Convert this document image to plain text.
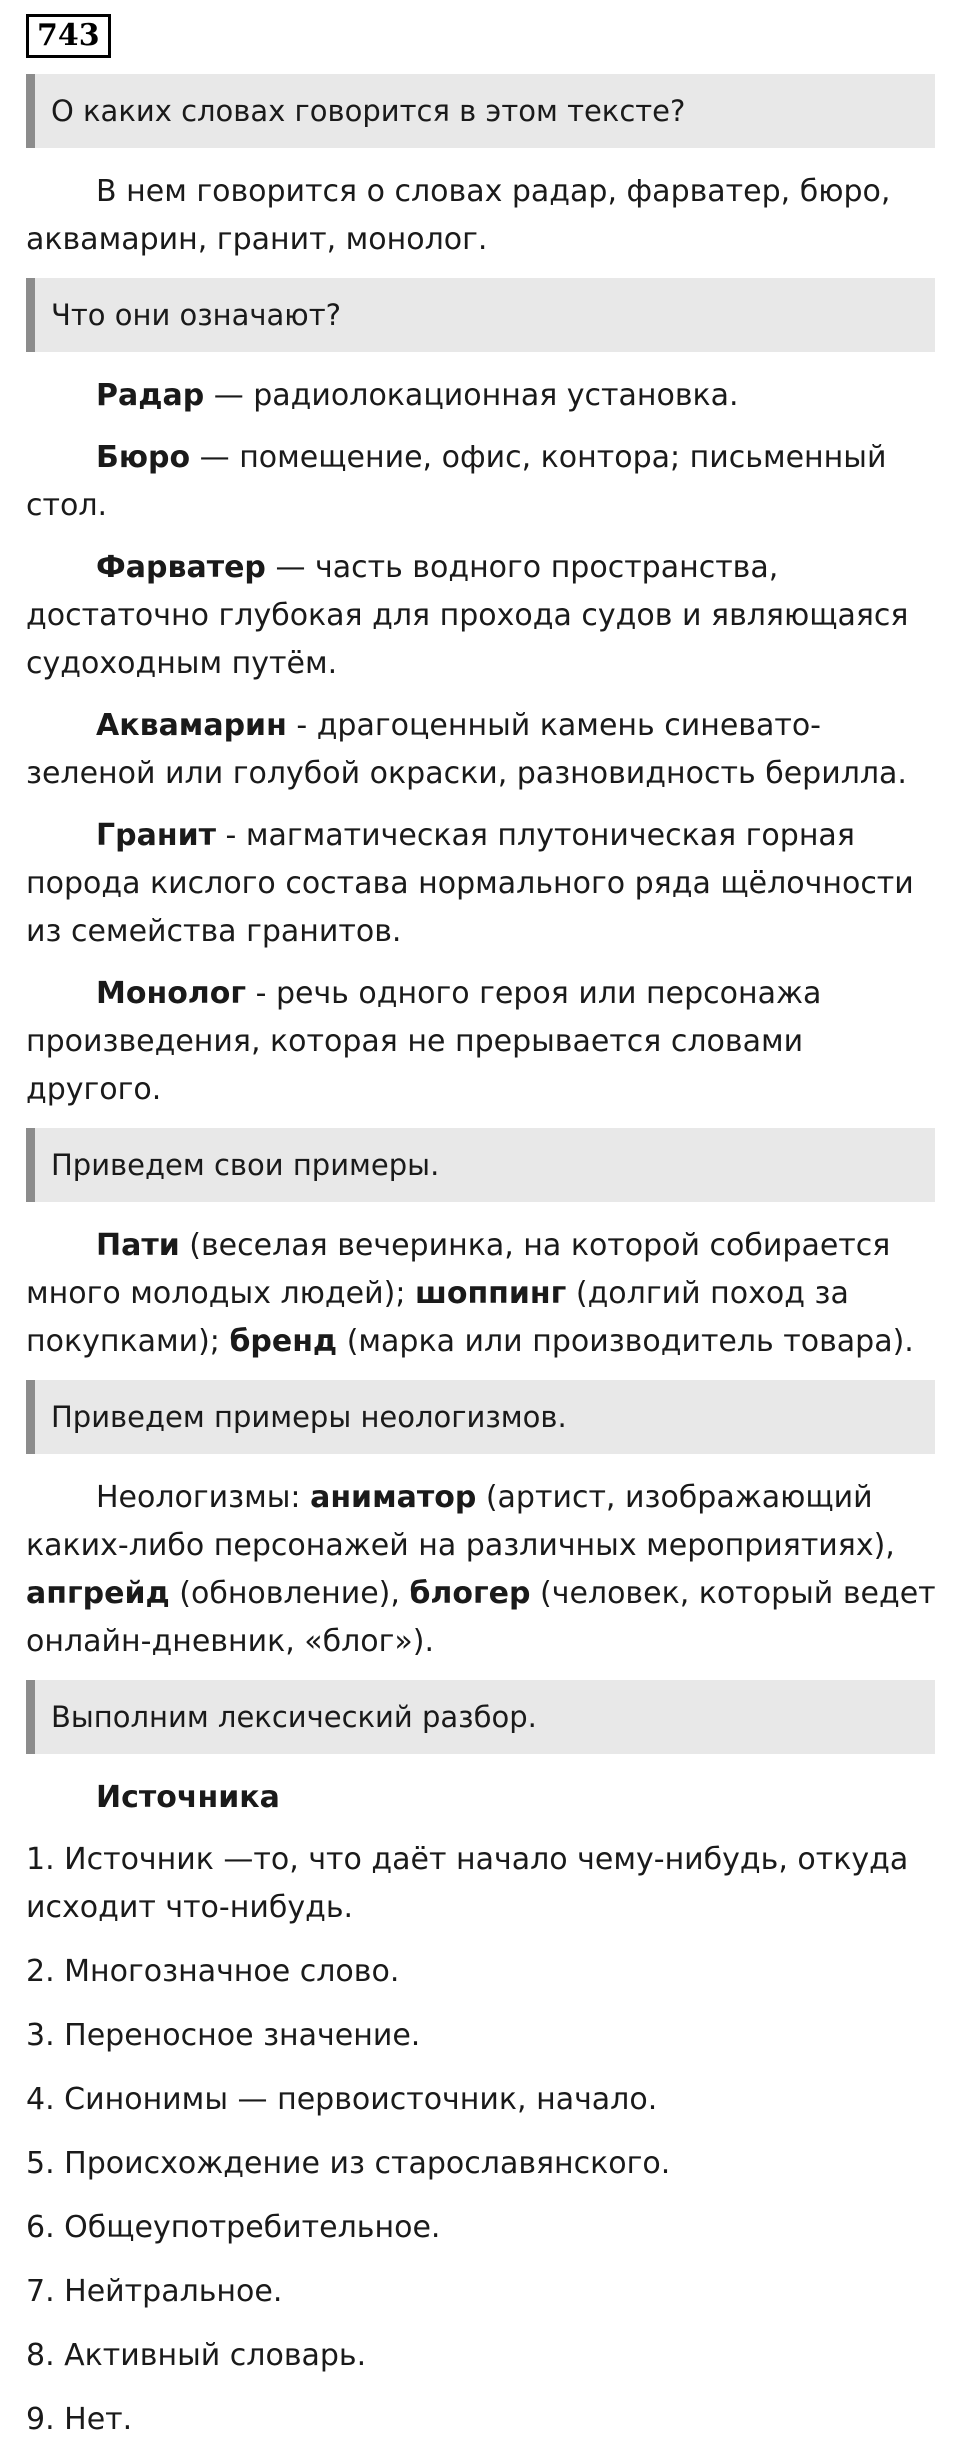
743
О каких словах говорится в этом тексте?

В нем говорится о словах радар, фарватер, бюро, аквамарин, гранит, монолог.

Что они означают?

Радар — радиолокационная установка.

Бюро — помещение, офис, контора; письменный стол.

Фарватер — часть водного пространства, достаточно глубокая для прохода судов и являющаяся судоходным путём.

Аквамарин - драгоценный камень синевато-зеленой или голубой окраски, разновидность берилла.

Гранит - магматическая плутоническая горная порода кислого состава нормального ряда щёлочности из семейства гранитов.

Монолог - речь одного героя или персонажа произведения, которая не прерывается словами другого.

Приведем свои примеры.

Пати (веселая вечеринка, на которой собирается много молодых людей); шоппинг (долгий поход за покупками); бренд (марка или производитель товара).

Приведем примеры неологизмов.

Неологизмы: аниматор (артист, изображающий каких-либо персонажей на различных мероприятиях), апгрейд (обновление), блогер (человек, который ведет онлайн-дневник, «блог»).

Выполним лексический разбор.

Источника

1. Источник —то, что даёт начало чему-нибудь, откуда исходит что-нибудь.
2. Многозначное слово.
3. Переносное значение.
4. Синонимы — первоисточник, начало.
5. Происхождение из старославянского.
6. Общеупотребительное.
7. Нейтральное.
8. Активный словарь.
9. Нет.
